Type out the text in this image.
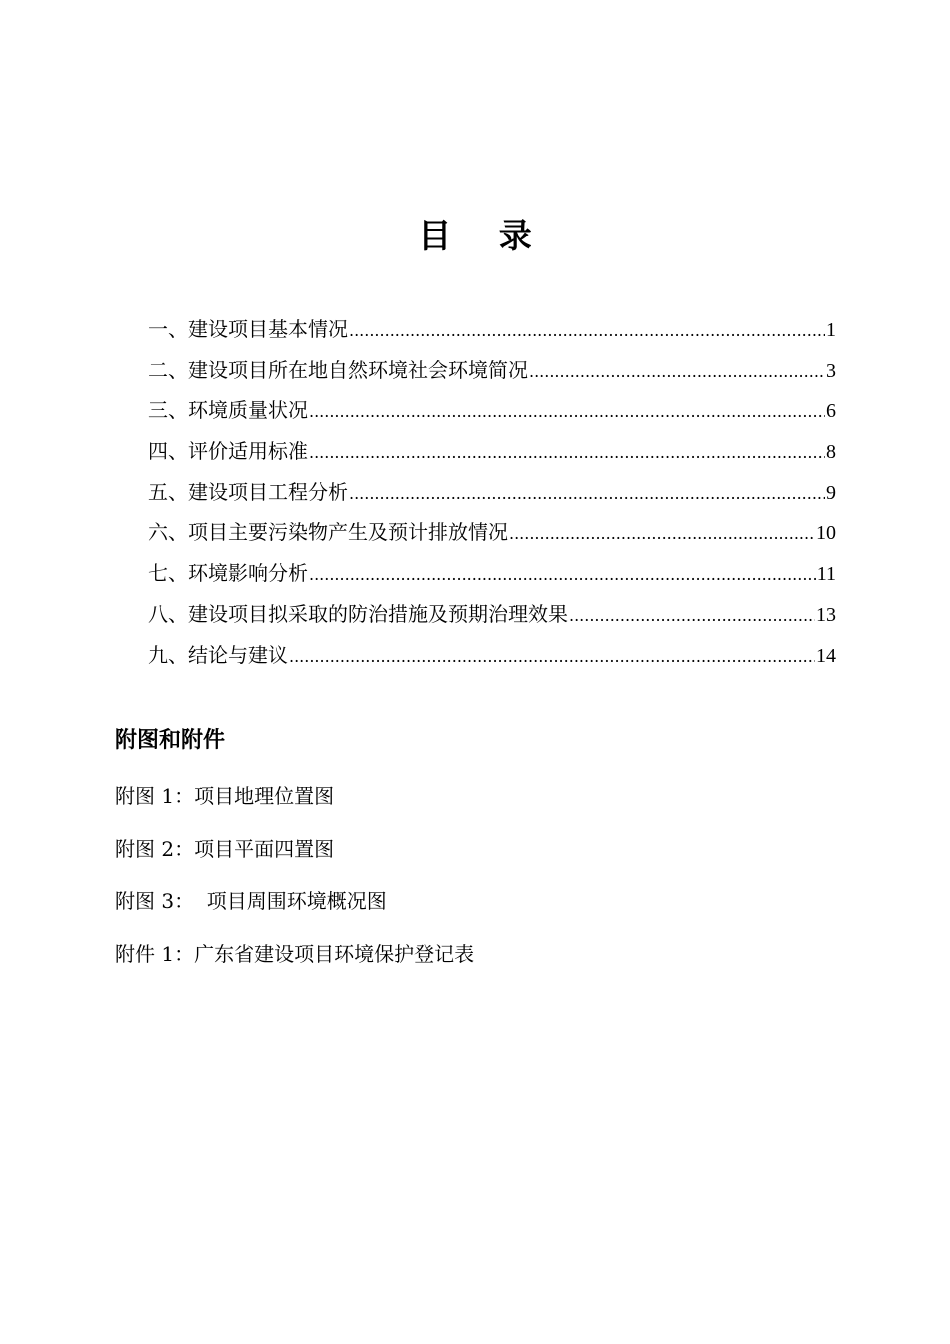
目 录
一、建设项目基本情况 .....	1
二、建设项目所在地自然环境社会环境简况 .....	3
三、环境质量状况 .....	6
四、评价适用标准 .....	8
五、建设项目工程分析 .....	9
六、项目主要污染物产生及预计排放情况 .....	10
七、环境影响分析 .....	11
八、建设项目拟采取的防治措施及预期治理效果 .....	13
九、结论与建议 .....	14
附图和附件
附图 1：项目地理位置图
附图 2：项目平面四置图
附图 3：  项目周围环境概况图
附件 1：广东省建设项目环境保护登记表
